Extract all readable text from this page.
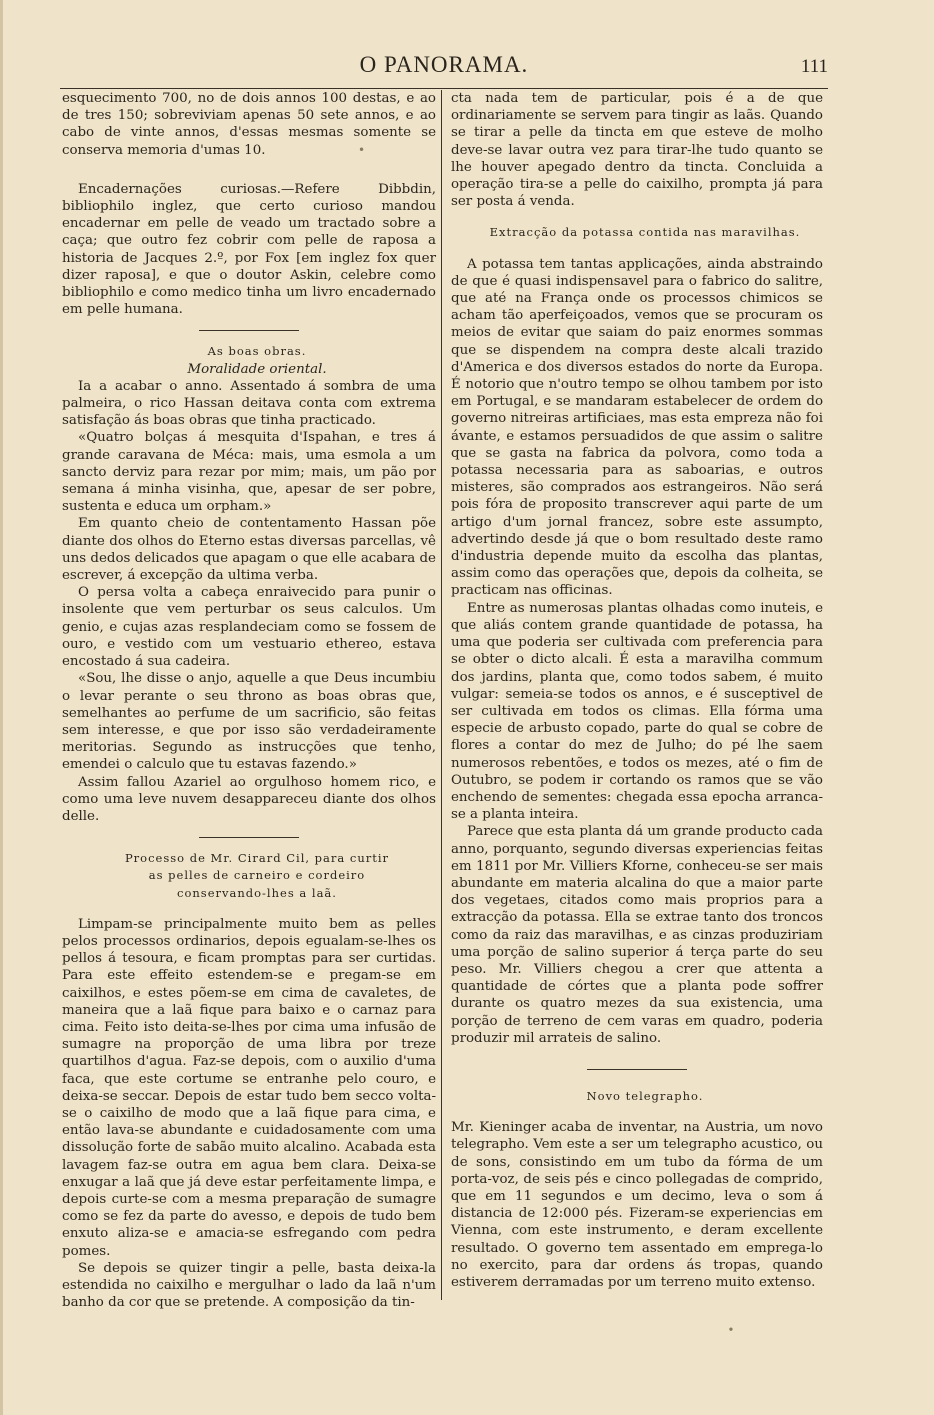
O PANORAMA.	111

esquecimento 700, no de dois annos 100 destas, e ao de tres 150; sobreviviam apenas 50 sete annos, e ao cabo de vinte annos, d'essas mesmas somente se conserva memoria d'umas 10.

Encadernações curiosas.—Refere Dibbdin, bibliophilo inglez, que certo curioso mandou encadernar em pelle de veado um tractado sobre a caça; que outro fez cobrir com pelle de raposa a historia de Jacques 2.º, por Fox [em inglez fox quer dizer raposa], e que o doutor Askin, celebre como bibliophilo e como medico tinha um livro encadernado em pelle humana.

As boas obras.

Moralidade oriental.

Ia a acabar o anno. Assentado á sombra de uma palmeira, o rico Hassan deitava conta com extrema satisfação ás boas obras que tinha practicado.

«Quatro bolças á mesquita d'Ispahan, e tres á grande caravana de Méca: mais, uma esmola a um sancto derviz para rezar por mim; mais, um pão por semana á minha visinha, que, apesar de ser pobre, sustenta e educa um orpham.»

Em quanto cheio de contentamento Hassan põe diante dos olhos do Eterno estas diversas parcellas, vê uns dedos delicados que apagam o que elle acabara de escrever, á excepção da ultima verba.

O persa volta a cabeça enraivecido para punir o insolente que vem perturbar os seus calculos. Um genio, e cujas azas resplandeciam como se fossem de ouro, e vestido com um vestuario ethereo, estava encostado á sua cadeira.

«Sou, lhe disse o anjo, aquelle a que Deus incumbiu o levar perante o seu throno as boas obras que, semelhantes ao perfume de um sacrificio, são feitas sem interesse, e que por isso são verdadeiramente meritorias. Segundo as instrucções que tenho, emendei o calculo que tu estavas fazendo.»

Assim fallou Azariel ao orgulhoso homem rico, e como uma leve nuvem desappareceu diante dos olhos delle.

Processo de Mr. Cirard Cil, para curtir

as pelles de carneiro e cordeiro

conservando-lhes a laã.

Limpam-se principalmente muito bem as pelles pelos processos ordinarios, depois egualam-se-lhes os pellos á tesoura, e ficam promptas para ser curtidas. Para este effeito estendem-se e pregam-se em caixilhos, e estes põem-se em cima de cavaletes, de maneira que a laã fique para baixo e o carnaz para cima. Feito isto deita-se-lhes por cima uma infusão de sumagre na proporção de uma libra por treze quartilhos d'agua. Faz-se depois, com o auxilio d'uma faca, que este cortume se entranhe pelo couro, e deixa-se seccar. Depois de estar tudo bem secco volta-se o caixilho de modo que a laã fique para cima, e então lava-se abundante e cuidadosamente com uma dissolução forte de sabão muito alcalino. Acabada esta lavagem faz-se outra em agua bem clara. Deixa-se enxugar a laã que já deve estar perfeitamente limpa, e depois curte-se com a mesma preparação de sumagre como se fez da parte do avesso, e depois de tudo bem enxuto aliza-se e amacia-se esfregando com pedra pomes.

Se depois se quizer tingir a pelle, basta deixa-la estendida no caixilho e mergulhar o lado da laã n'um banho da cor que se pretende. A composição da tin-

cta nada tem de particular, pois é a de que ordinariamente se servem para tingir as laãs. Quando se tirar a pelle da tincta em que esteve de molho deve-se lavar outra vez para tirar-lhe tudo quanto se lhe houver apegado dentro da tincta. Concluida a operação tira-se a pelle do caixilho, prompta já para ser posta á venda.

Extracção da potassa contida nas maravilhas.

A potassa tem tantas applicações, ainda abstraindo de que é quasi indispensavel para o fabrico do salitre, que até na França onde os processos chimicos se acham tão aperfeiçoados, vemos que se procuram os meios de evitar que saiam do paiz enormes sommas que se dispendem na compra deste alcali trazido d'America e dos diversos estados do norte da Europa. É notorio que n'outro tempo se olhou tambem por isto em Portugal, e se mandaram estabelecer de ordem do governo nitreiras artificiaes, mas esta empreza não foi ávante, e estamos persuadidos de que assim o salitre que se gasta na fabrica da polvora, como toda a potassa necessaria para as saboarias, e outros misteres, são comprados aos estrangeiros. Não será pois fóra de proposito transcrever aqui parte de um artigo d'um jornal francez, sobre este assumpto, advertindo desde já que o bom resultado deste ramo d'industria depende muito da escolha das plantas, assim como das operações que, depois da colheita, se practicam nas officinas.

Entre as numerosas plantas olhadas como inuteis, e que aliás contem grande quantidade de potassa, ha uma que poderia ser cultivada com preferencia para se obter o dicto alcali. É esta a maravilha commum dos jardins, planta que, como todos sabem, é muito vulgar: semeia-se todos os annos, e é susceptivel de ser cultivada em todos os climas. Ella fórma uma especie de arbusto copado, parte do qual se cobre de flores a contar do mez de Julho; do pé lhe saem numerosos rebentões, e todos os mezes, até o fim de Outubro, se podem ir cortando os ramos que se vão enchendo de sementes: chegada essa epocha arranca-se a planta inteira.

Parece que esta planta dá um grande producto cada anno, porquanto, segundo diversas experiencias feitas em 1811 por Mr. Villiers Kforne, conheceu-se ser mais abundante em materia alcalina do que a maior parte dos vegetaes, citados como mais proprios para a extracção da potassa. Ella se extrae tanto dos troncos como da raiz das maravilhas, e as cinzas produziriam uma porção de salino superior á terça parte do seu peso. Mr. Villiers chegou a crer que attenta a quantidade de córtes que a planta pode soffrer durante os quatro mezes da sua existencia, uma porção de terreno de cem varas em quadro, poderia produzir mil arrateis de salino.

Novo telegrapho.

Mr. Kieninger acaba de inventar, na Austria, um novo telegrapho. Vem este a ser um telegrapho acustico, ou de sons, consistindo em um tubo da fórma de um porta-voz, de seis pés e cinco pollegadas de comprido, que em 11 segundos e um decimo, leva o som á distancia de 12:000 pés. Fizeram-se experiencias em Vienna, com este instrumento, e deram excellente resultado. O governo tem assentado em emprega-lo no exercito, para dar ordens ás tropas, quando estiverem derramadas por um terreno muito extenso.

•
∙
